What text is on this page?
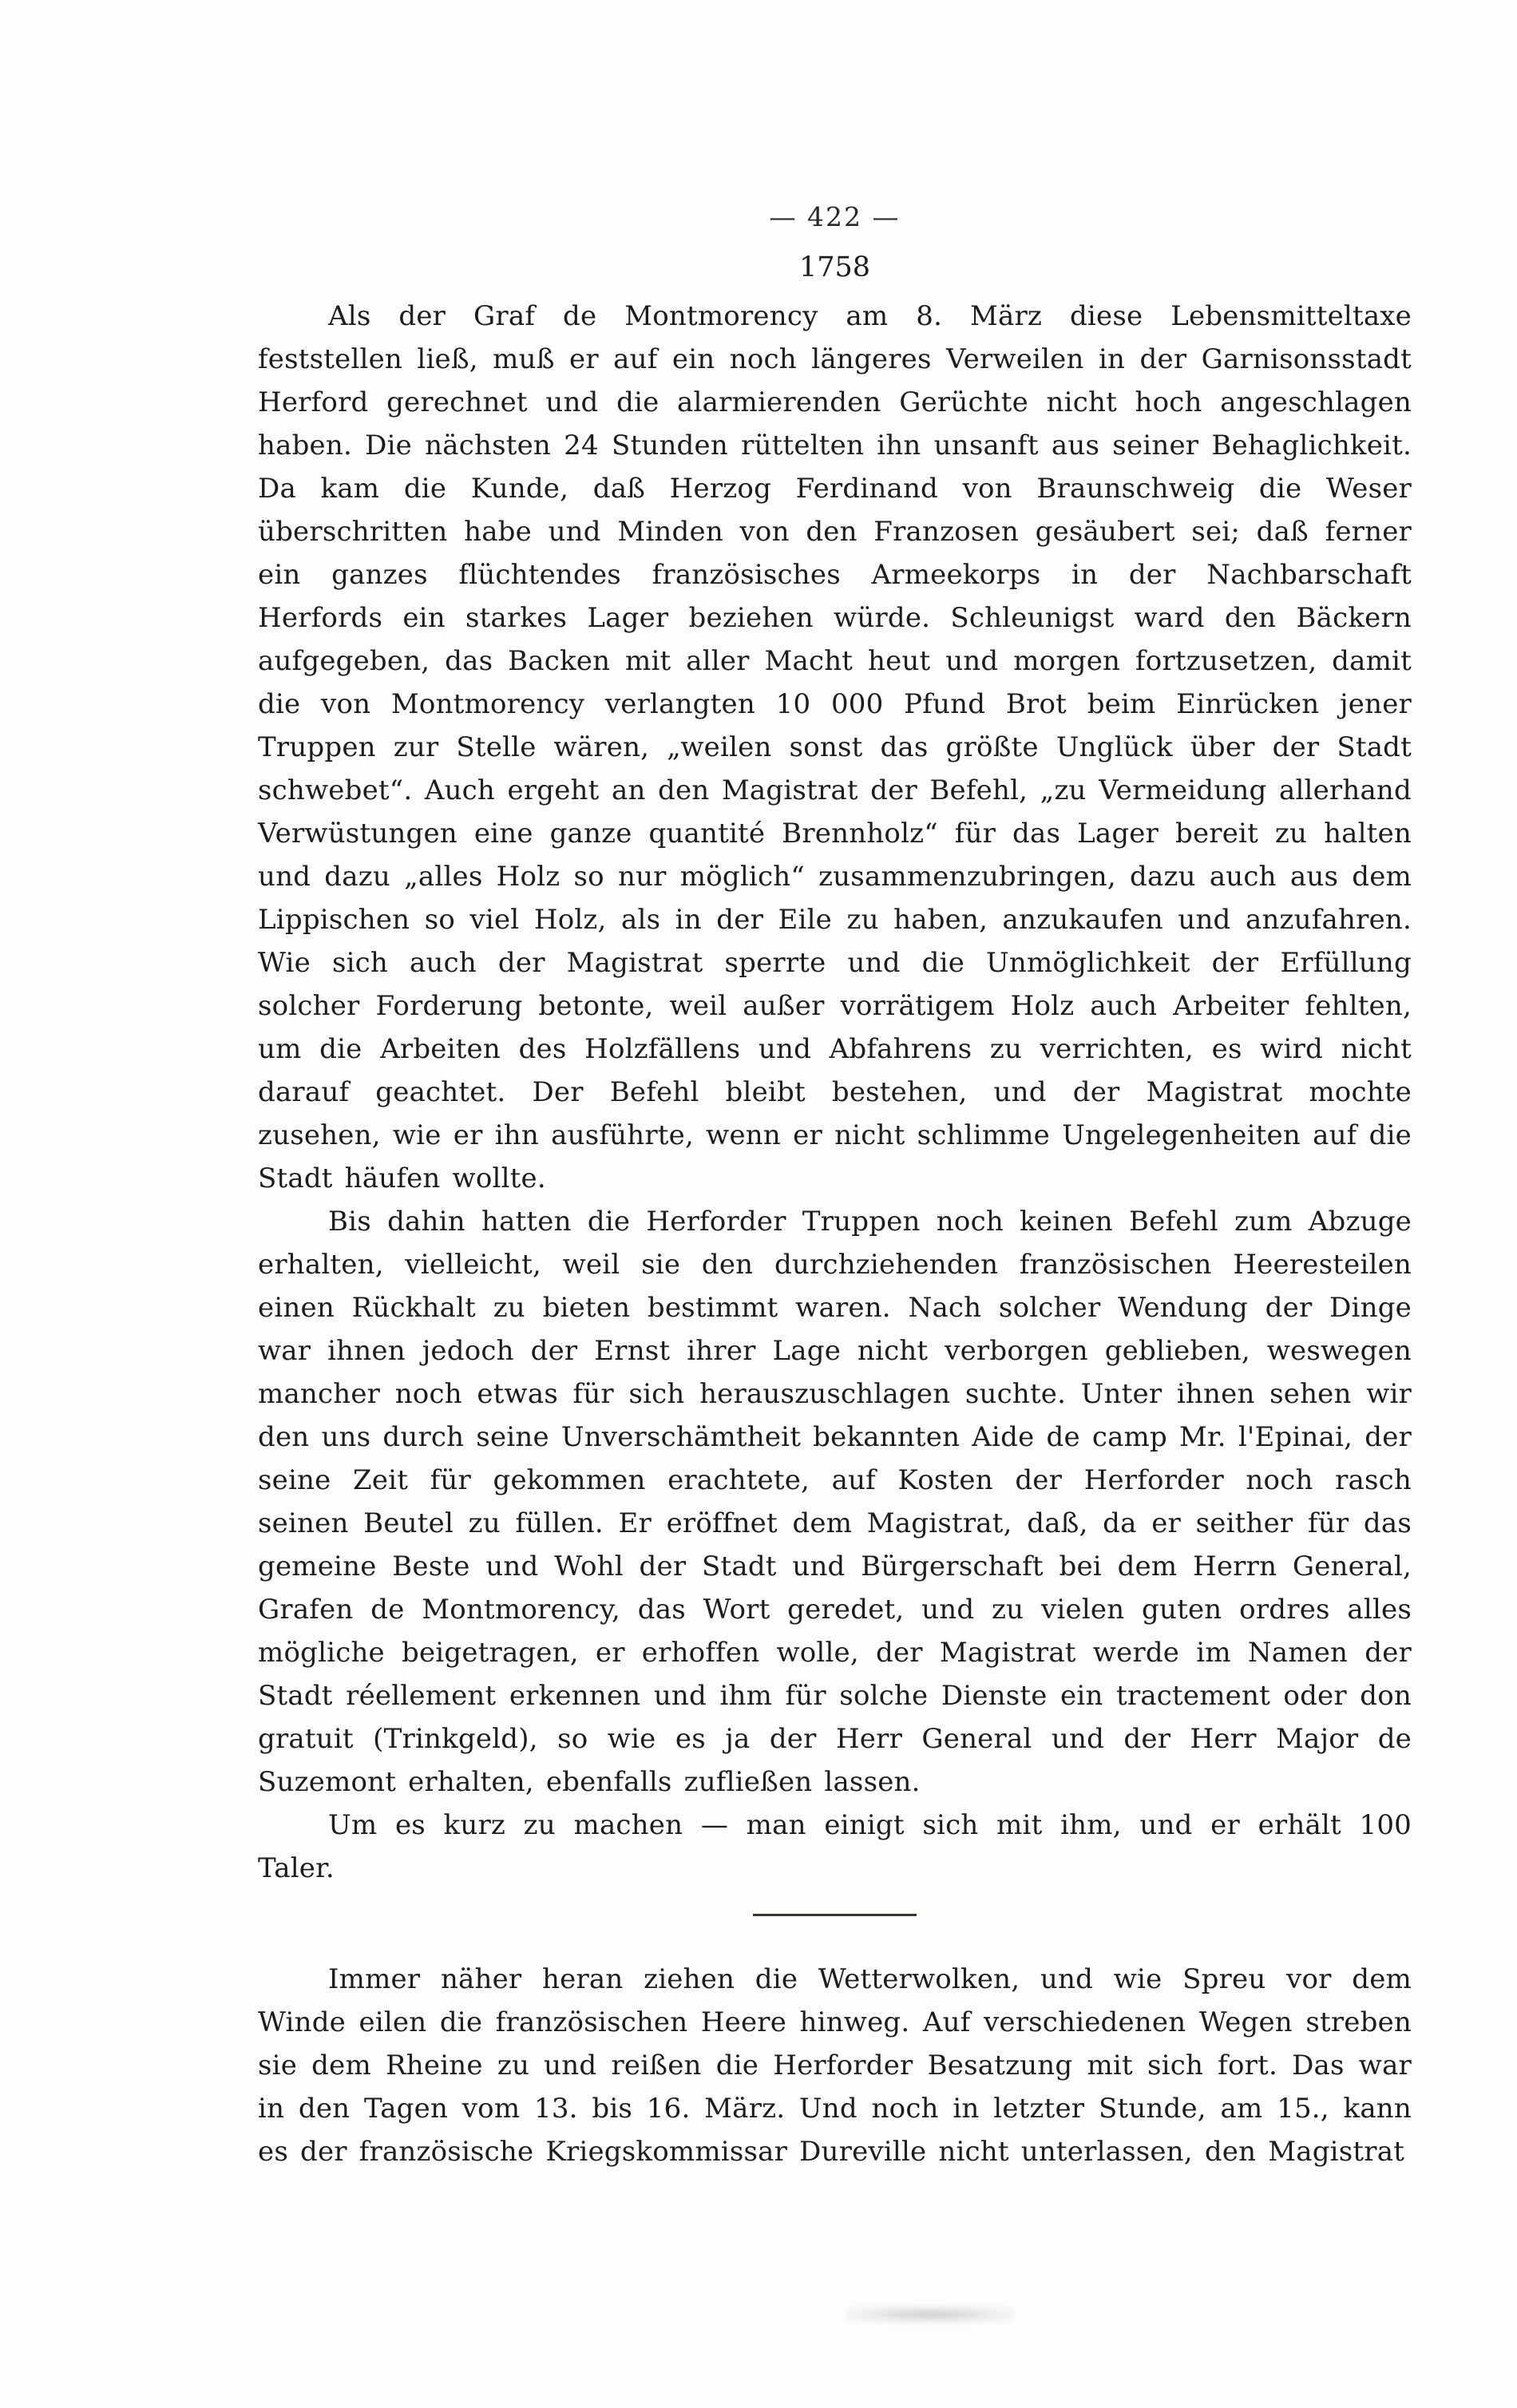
— 422 —
1758

Als der Graf de Montmorency am 8. März diese Lebensmitteltaxe feststellen ließ, muß er auf ein noch längeres Verweilen in der Garnisonsstadt Herford gerechnet und die alarmierenden Gerüchte nicht hoch angeschlagen haben. Die nächsten 24 Stunden rüttelten ihn unsanft aus seiner Behaglichkeit. Da kam die Kunde, daß Herzog Ferdinand von Braunschweig die Weser überschritten habe und Minden von den Franzosen gesäubert sei; daß ferner ein ganzes flüchtendes französisches Armeekorps in der Nachbarschaft Herfords ein starkes Lager beziehen würde. Schleunigst ward den Bäckern aufgegeben, das Backen mit aller Macht heut und morgen fortzusetzen, damit die von Montmorency verlangten 10 000 Pfund Brot beim Einrücken jener Truppen zur Stelle wären, „weilen sonst das größte Unglück über der Stadt schwebet“. Auch ergeht an den Magistrat der Befehl, „zu Vermeidung allerhand Verwüstungen eine ganze quantité Brennholz“ für das Lager bereit zu halten und dazu „alles Holz so nur möglich“ zusammenzubringen, dazu auch aus dem Lippischen so viel Holz, als in der Eile zu haben, anzukaufen und anzufahren. Wie sich auch der Magistrat sperrte und die Unmöglichkeit der Erfüllung solcher Forderung betonte, weil außer vorrätigem Holz auch Arbeiter fehlten, um die Arbeiten des Holzfällens und Abfahrens zu verrichten, es wird nicht darauf geachtet. Der Befehl bleibt bestehen, und der Magistrat mochte zusehen, wie er ihn ausführte, wenn er nicht schlimme Ungelegenheiten auf die Stadt häufen wollte.

Bis dahin hatten die Herforder Truppen noch keinen Befehl zum Abzuge erhalten, vielleicht, weil sie den durchziehenden französischen Heeresteilen einen Rückhalt zu bieten bestimmt waren. Nach solcher Wendung der Dinge war ihnen jedoch der Ernst ihrer Lage nicht verborgen geblieben, weswegen mancher noch etwas für sich herauszuschlagen suchte. Unter ihnen sehen wir den uns durch seine Unverschämtheit bekannten Aide de camp Mr. l'Epinai, der seine Zeit für gekommen erachtete, auf Kosten der Herforder noch rasch seinen Beutel zu füllen. Er eröffnet dem Magistrat, daß, da er seither für das gemeine Beste und Wohl der Stadt und Bürgerschaft bei dem Herrn General, Grafen de Montmorency, das Wort geredet, und zu vielen guten ordres alles mögliche beigetragen, er erhoffen wolle, der Magistrat werde im Namen der Stadt réellement erkennen und ihm für solche Dienste ein tractement oder don gratuit (Trinkgeld), so wie es ja der Herr General und der Herr Major de Suzemont erhalten, ebenfalls zufließen lassen.

Um es kurz zu machen — man einigt sich mit ihm, und er erhält 100 Taler.

Immer näher heran ziehen die Wetterwolken, und wie Spreu vor dem Winde eilen die französischen Heere hinweg. Auf verschiedenen Wegen streben sie dem Rheine zu und reißen die Herforder Besatzung mit sich fort. Das war in den Tagen vom 13. bis 16. März. Und noch in letzter Stunde, am 15., kann es der französische Kriegskommissar Dureville nicht unterlassen, den Magistrat
